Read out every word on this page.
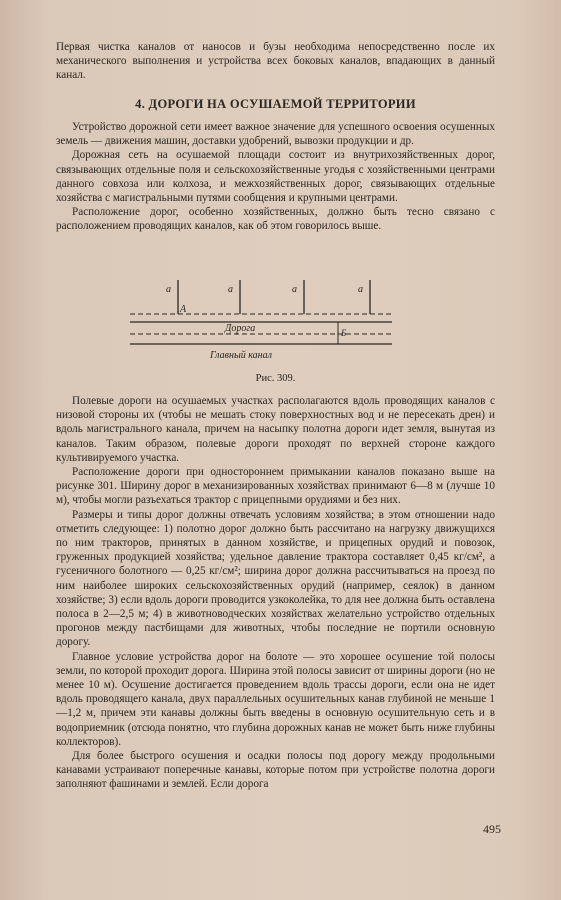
Первая чистка каналов от наносов и бузы необходима непосредственно после их механического выполнения и устройства всех боковых каналов, впадающих в данный канал.

4. ДОРОГИ НА ОСУШАЕМОЙ ТЕРРИТОРИИ

Устройство дорожной сети имеет важное значение для успешного освоения осушенных земель — движения машин, доставки удобрений, вывозки продукции и др.

Дорожная сеть на осушаемой площади состоит из внутрихозяйственных дорог, связывающих отдельные поля и сельскохозяйственные угодья с хозяйственными центрами данного совхоза или колхоза, и межхозяйственных дорог, связывающих отдельные хозяйства с магистральными путями сообщения и крупными центрами.

Расположение дорог, особенно хозяйственных, должно быть тесно связано с расположением проводящих каналов, как об этом говорилось выше.

а	а	а	а
А
Дорога	Б
Главный канал
Рис. 309.

Полевые дороги на осушаемых участках располагаются вдоль проводящих каналов с низовой стороны их (чтобы не мешать стоку поверхностных вод и не пересекать дрен) и вдоль магистрального канала, причем на насыпку полотна дороги идет земля, вынутая из каналов. Таким образом, полевые дороги проходят по верхней стороне каждого культивируемого участка.

Расположение дороги при одностороннем примыкании каналов показано выше на рисунке 301. Ширину дорог в механизированных хозяйствах принимают 6—8 м (лучше 10 м), чтобы могли разъехаться трактор с прицепными орудиями и без них.

Размеры и типы дорог должны отвечать условиям хозяйства; в этом отношении надо отметить следующее: 1) полотно дорог должно быть рассчитано на нагрузку движущихся по ним тракторов, принятых в данном хозяйстве, и прицепных орудий и повозок, груженных продукцией хозяйства; удельное давление трактора составляет 0,45 кг/см², а гусеничного болотного — 0,25 кг/см²; ширина дорог должна рассчитываться на проезд по ним наиболее широких сельскохозяйственных орудий (например, сеялок) в данном хозяйстве; 3) если вдоль дороги проводится узкоколейка, то для нее должна быть оставлена полоса в 2—2,5 м; 4) в животноводческих хозяйствах желательно устройство отдельных прогонов между пастбищами для животных, чтобы последние не портили основную дорогу.

Главное условие устройства дорог на болоте — это хорошее осушение той полосы земли, по которой проходит дорога. Ширина этой полосы зависит от ширины дороги (но не менее 10 м). Осушение достигается проведением вдоль трассы дороги, если она не идет вдоль проводящего канала, двух параллельных осушительных канав глубиной не меньше 1—1,2 м, причем эти канавы должны быть введены в основную осушительную сеть и в водоприемник (отсюда понятно, что глубина дорожных канав не может быть ниже глубины коллекторов).

Для более быстрого осушения и осадки полосы под дорогу между продольными канавами устраивают поперечные канавы, которые потом при устройстве полотна дороги заполняют фашинами и землей. Если дорога

495
